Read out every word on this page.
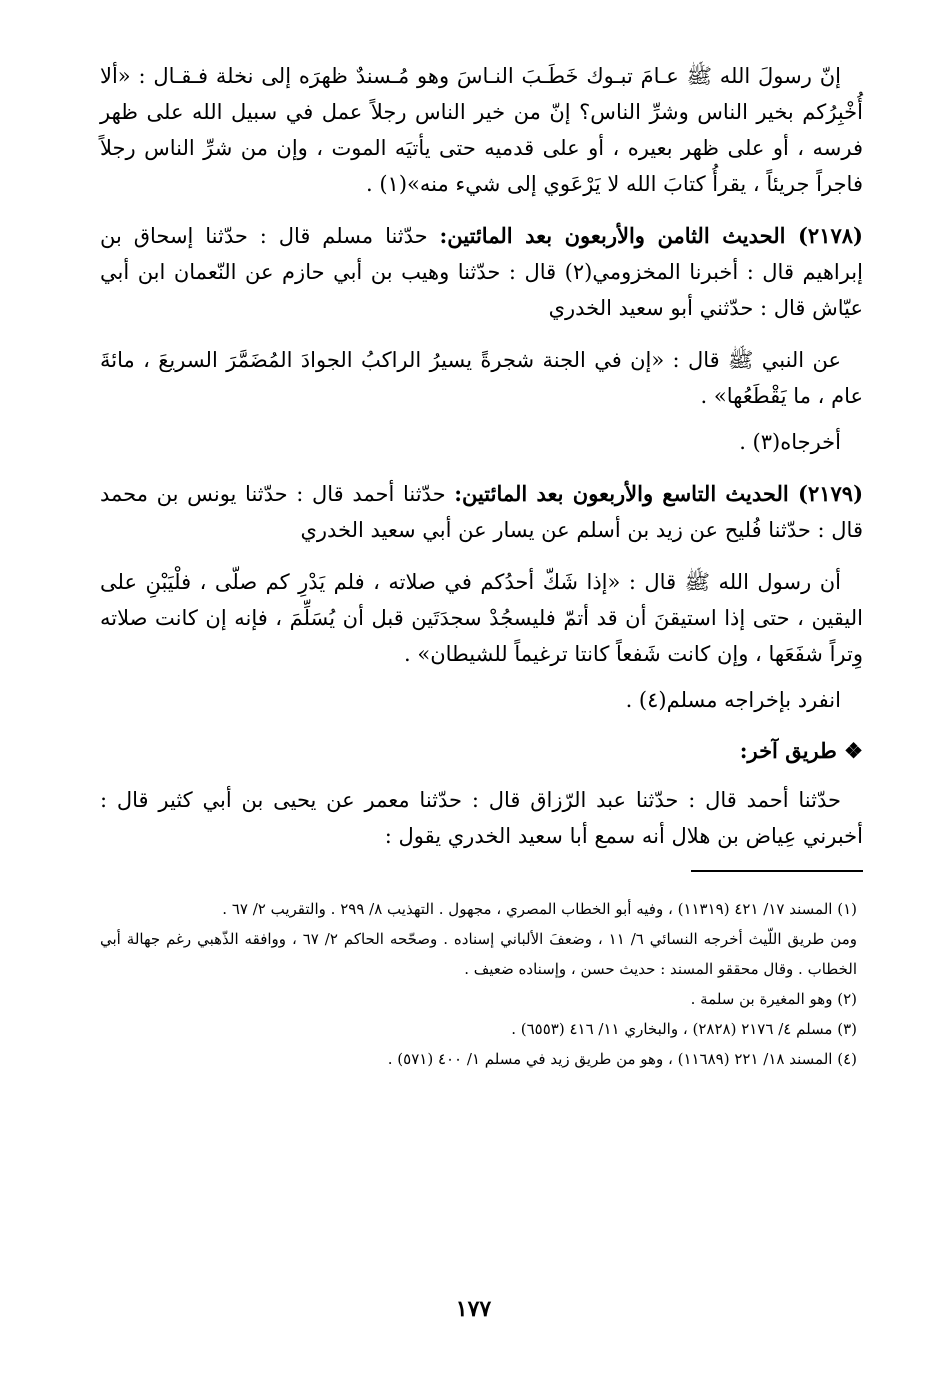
إنّ رسولَ الله ﷺ عـامَ تبـوك خَطَـبَ النـاسَ وهو مُـسندٌ ظهرَه إلى نخلة فـقـال : «ألا أُخْبِرُكم بخير الناس وشرِّ الناس؟ إنّ من خير الناس رجلاً عمل في سبيل الله على ظهر فرسه ، أو على ظهر بعيره ، أو على قدميه حتى يأتيَه الموت ، وإن من شرِّ الناس رجلاً فاجراً جريئاً ، يقرأُ كتابَ الله لا يَرْعَوي إلى شيء منه»(١) .

(٢١٧٨) الحديث الثامن والأربعون بعد المائتين: حدّثنا مسلم قال : حدّثنا إسحاق بن إبراهيم قال : أخبرنا المخزومي(٢) قال : حدّثنا وهيب بن أبي حازم عن النّعمان ابن أبي عيّاش قال : حدّثني أبو سعيد الخدري

عن النبي ﷺ قال : «إن في الجنة شجرةً يسيرُ الراكبُ الجوادَ المُضَمَّرَ السريعَ ، مائةَ عام ، ما يَقْطَعُها» .

أخرجاه(٣) .

(٢١٧٩) الحديث التاسع والأربعون بعد المائتين: حدّثنا أحمد قال : حدّثنا يونس بن محمد قال : حدّثنا فُليح عن زيد بن أسلم عن يسار عن أبي سعيد الخدري

أن رسول الله ﷺ قال : «إذا شَكّ أحدُكم في صلاته ، فلم يَدْرِ كم صلّى ، فلْيَبْنِ على اليقين ، حتى إذا استيقنَ أن قد أتمّ فليسجُدْ سجدَتَين قبل أن يُسَلِّمَ ، فإنه إن كانت صلاته وِتراً شفَعَها ، وإن كانت شَفعاً كانتا ترغيماً للشيطان» .

انفرد بإخراجه مسلم(٤) .

❖ طريق آخر:

حدّثنا أحمد قال : حدّثنا عبد الرّزاق قال : حدّثنا معمر عن يحيى بن أبي كثير قال : أخبرني عِياض بن هلال أنه سمع أبا سعيد الخدري يقول :

(١) المسند ١٧/ ٤٢١ (١١٣١٩) ، وفيه أبو الخطاب المصري ، مجهول . التهذيب ٨/ ٢٩٩ . والتقريب ٢/ ٦٧ .

ومن طريق اللّيث أخرجه النسائي ٦/ ١١ ، وضعفَ الألباني إسناده . وصحّحه الحاكم ٢/ ٦٧ ، ووافقه الذّهبي رغم جهالة أبي الخطاب . وقال محققو المسند : حديث حسن ، وإسناده ضعيف .

(٢) وهو المغيرة بن سلمة .

(٣) مسلم ٤/ ٢١٧٦ (٢٨٢٨) ، والبخاري ١١/ ٤١٦ (٦٥٥٣) .

(٤) المسند ١٨/ ٢٢١ (١١٦٨٩) ، وهو من طريق زيد في مسلم ١/ ٤٠٠ (٥٧١) .

١٧٧
